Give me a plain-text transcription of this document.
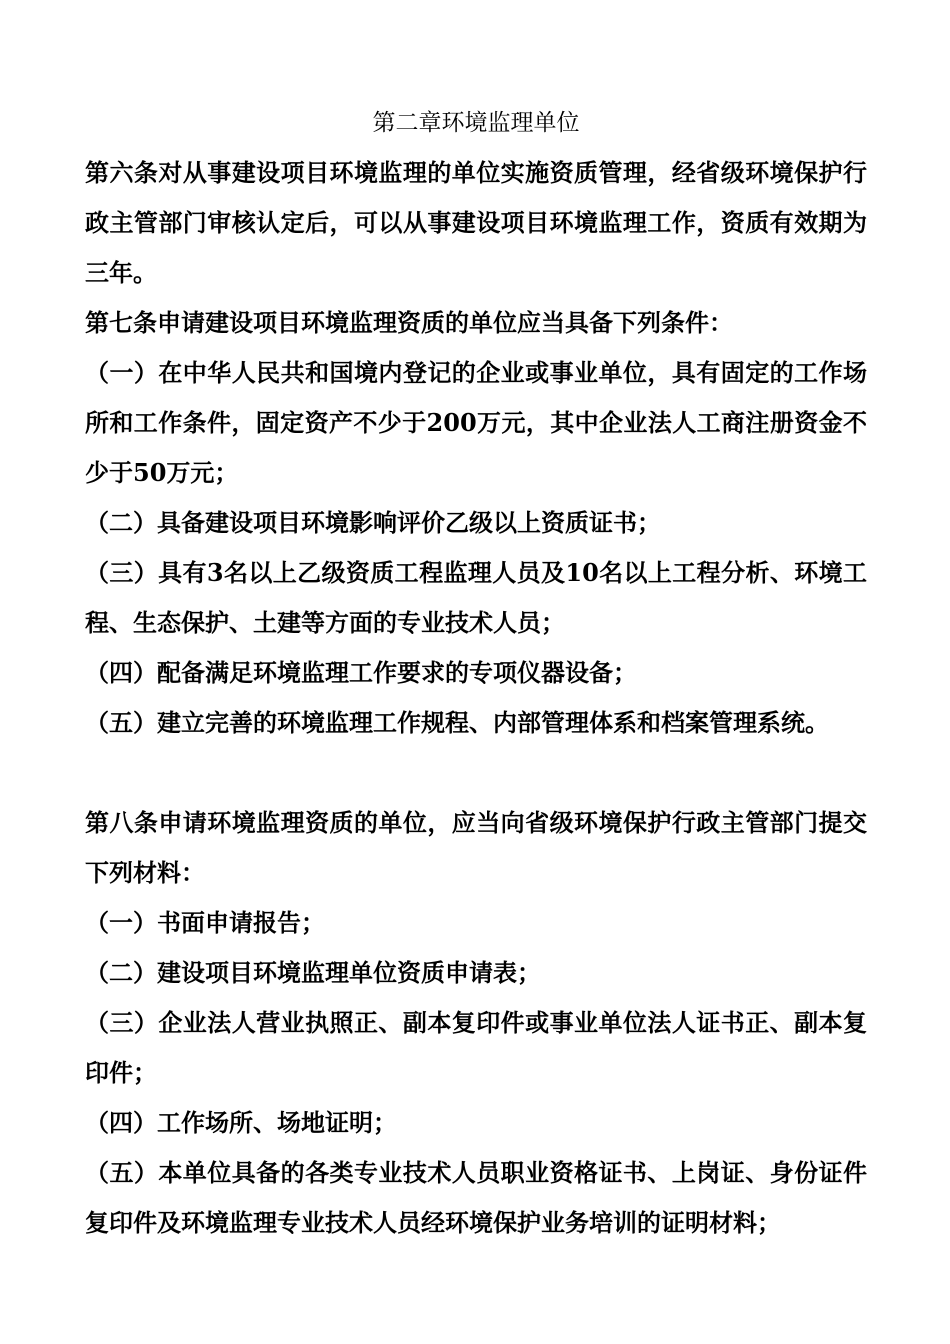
第二章环境监理单位

第六条对从事建设项目环境监理的单位实施资质管理，经省级环境保护行政主管部门审核认定后，可以从事建设项目环境监理工作，资质有效期为三年。

第七条申请建设项目环境监理资质的单位应当具备下列条件：

（一）在中华人民共和国境内登记的企业或事业单位，具有固定的工作场所和工作条件，固定资产不少于200万元，其中企业法人工商注册资金不少于50万元；

（二）具备建设项目环境影响评价乙级以上资质证书；

（三）具有3名以上乙级资质工程监理人员及10名以上工程分析、环境工程、生态保护、土建等方面的专业技术人员；

（四）配备满足环境监理工作要求的专项仪器设备；

（五）建立完善的环境监理工作规程、内部管理体系和档案管理系统。

第八条申请环境监理资质的单位，应当向省级环境保护行政主管部门提交下列材料：

（一）书面申请报告；

（二）建设项目环境监理单位资质申请表；

（三）企业法人营业执照正、副本复印件或事业单位法人证书正、副本复印件；

（四）工作场所、场地证明；

（五）本单位具备的各类专业技术人员职业资格证书、上岗证、身份证件复印件及环境监理专业技术人员经环境保护业务培训的证明材料；
